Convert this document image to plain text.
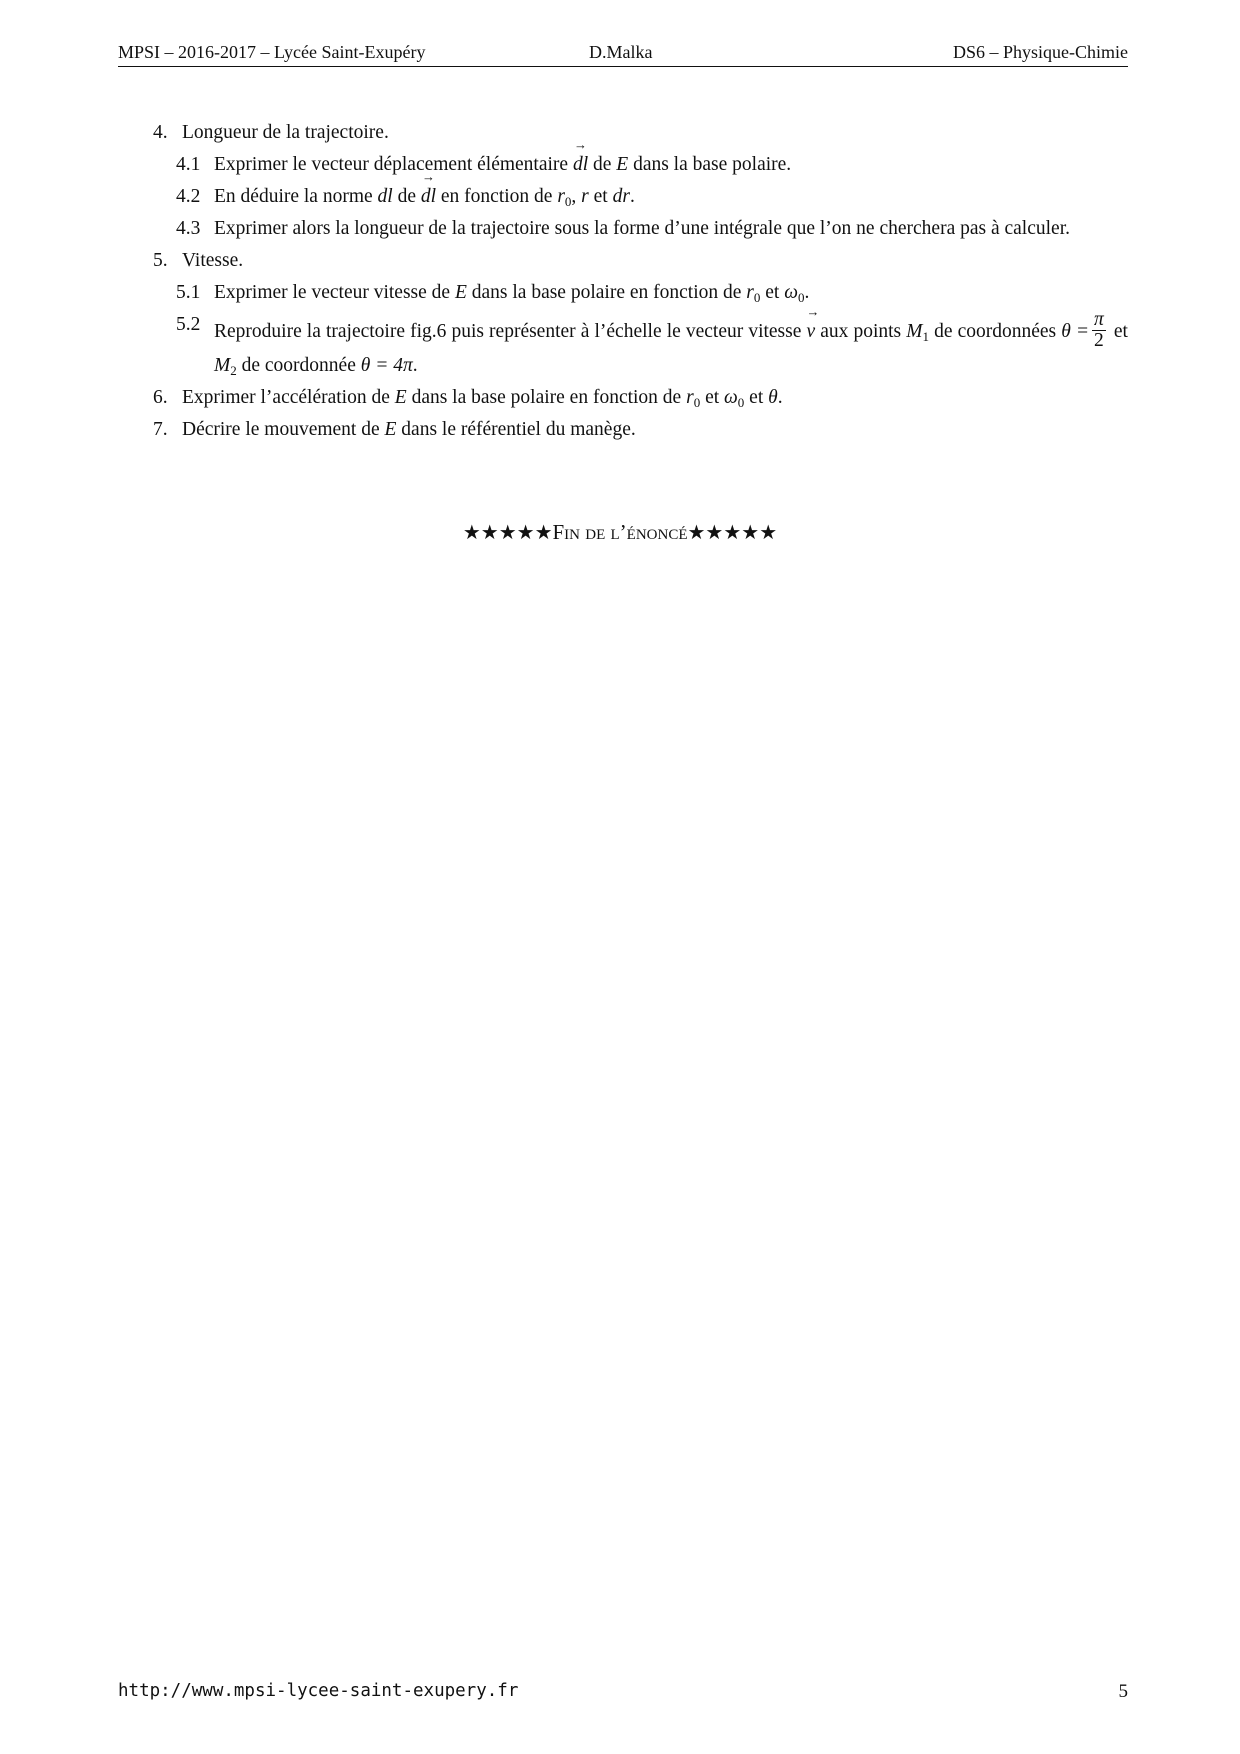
MPSI – 2016-2017 – Lycée Saint-Exupéry	D.Malka	DS6 – Physique-Chimie
4. Longueur de la trajectoire.
4.1 Exprimer le vecteur déplacement élémentaire → dl de E dans la base polaire.
4.2 En déduire la norme dl de → dl en fonction de $r_0$, r et dr.
4.3 Exprimer alors la longueur de la trajectoire sous la forme d’une intégrale que l’on ne cherchera pas à calculer.
5. Vitesse.
5.1 Exprimer le vecteur vitesse de E dans la base polaire en fonction de $r_0$ et $\omega_0$.
5.2 Reproduire la trajectoire fig.6 puis représenter à l’échelle le vecteur vitesse → v aux points $M_1$ de coordonnées $\theta = \frac{\pi}{2}$ et $M_2$ de coordonnée θ = 4π.
6. Exprimer l’accélération de E dans la base polaire en fonction de $r_0$ et $\omega_0$ et θ.
7. Décrire le mouvement de E dans le référentiel du manège.
★★★★★Fin de l’énoncé★★★★★
http://www.mpsi-lycee-saint-exupery.fr	5
